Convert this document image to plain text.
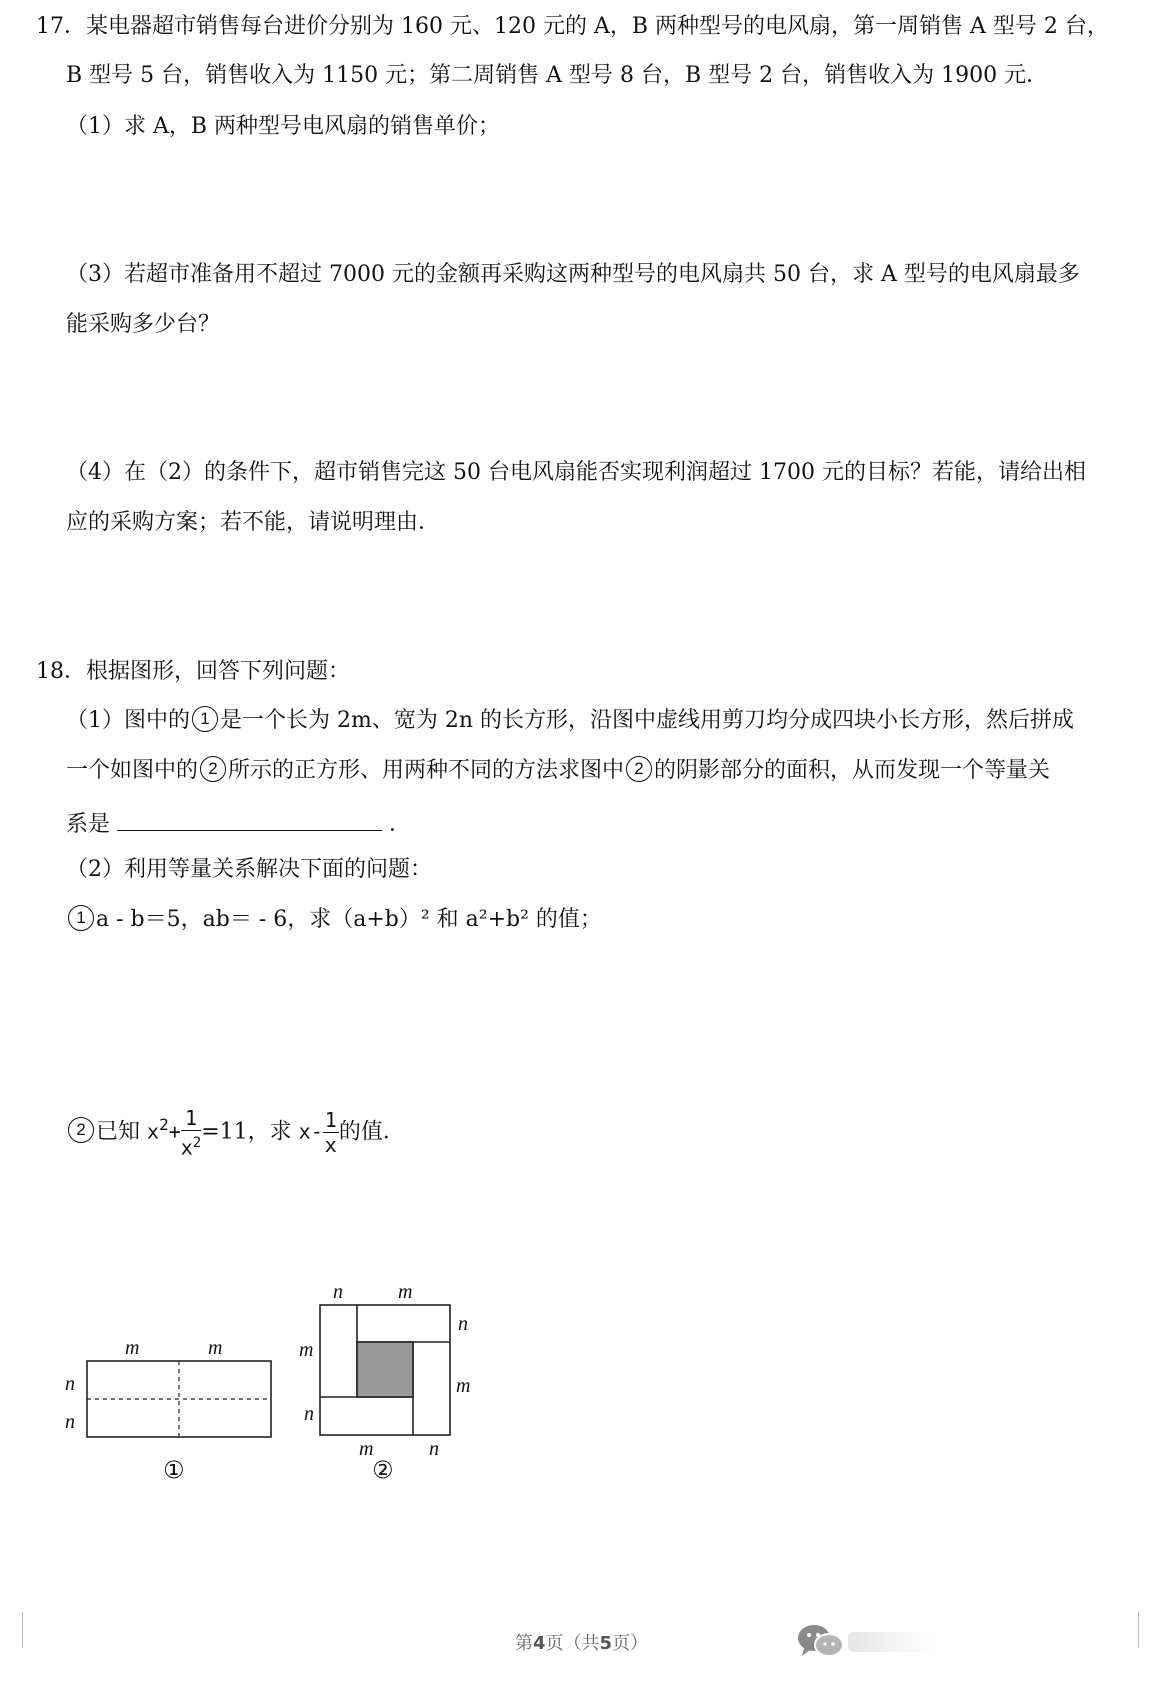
17．某电器超市销售每台进价分别为 160 元、120 元的 A，B 两种型号的电风扇，第一周销售 A 型号 2 台，
B 型号 5 台，销售收入为 1150 元；第二周销售 A 型号 8 台，B 型号 2 台，销售收入为 1900 元．
（1）求 A，B 两种型号电风扇的销售单价；
（3）若超市准备用不超过 7000 元的金额再采购这两种型号的电风扇共 50 台，求 A 型号的电风扇最多
能采购多少台？
（4）在（2）的条件下，超市销售完这 50 台电风扇能否实现利润超过 1700 元的目标？若能，请给出相
应的采购方案；若不能，请说明理由．
18．根据图形，回答下列问题：
（1）图中的 1 是一个长为 2m、宽为 2n 的长方形，沿图中虚线用剪刀均分成四块小长方形，然后拼成
一个如图中的 2 所示的正方形、用两种不同的方法求图中 2 的阴影部分的面积，从而发现一个等量关
系是	．
（2）利用等量关系解决下面的问题：
1 a - b＝5，ab＝ - 6，求（a+b）² 和 a²+b² 的值；
2 已知 $x^2+ \frac{1}{x^2} =11$，求 $x- \frac{1}{x}$ 的值．
m	m
n
n
①
n	m
n
m
m
n
m	n
②
第4页（共5页）
